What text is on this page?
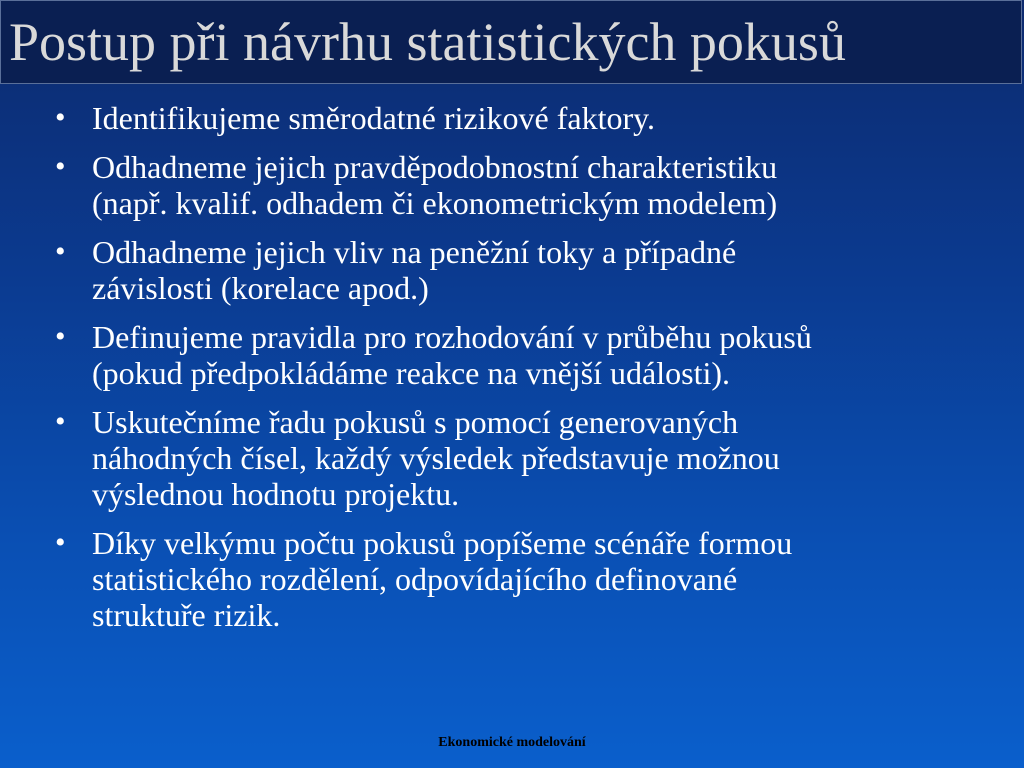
Postup při návrhu statistických pokusů
• Identifikujeme směrodatné rizikové faktory.
• Odhadneme jejich pravděpodobnostní charakteristiku
(např. kvalif. odhadem či ekonometrickým modelem)
• Odhadneme jejich vliv na peněžní toky a případné
závislosti (korelace apod.)
• Definujeme pravidla pro rozhodování v průběhu pokusů
(pokud předpokládáme reakce na vnější události).
• Uskutečníme řadu pokusů s pomocí generovaných
náhodných čísel, každý výsledek představuje možnou
výslednou hodnotu projektu.
• Díky velkýmu počtu pokusů popíšeme scénáře formou
statistického rozdělení, odpovídajícího definované
struktuře rizik.
Ekonomické modelování
